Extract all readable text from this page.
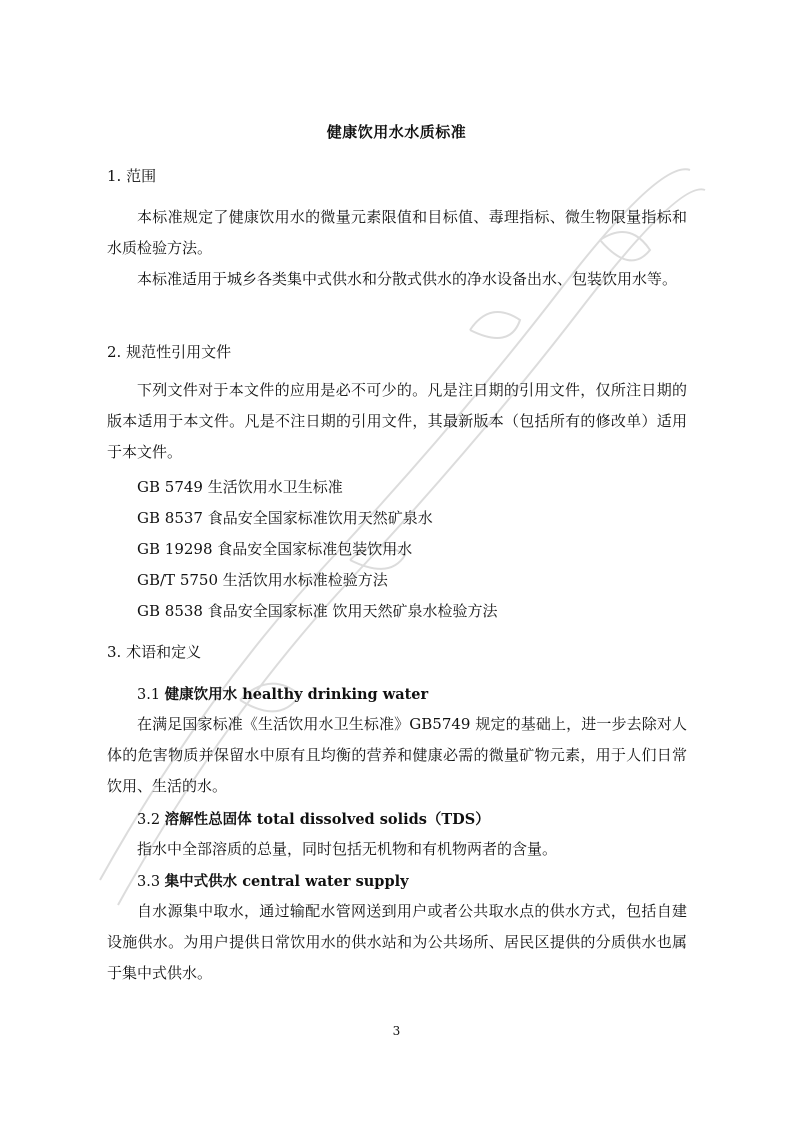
健康饮用水水质标准
1. 范围
本标准规定了健康饮用水的微量元素限值和目标值、毒理指标、微生物限量指标和水质检验方法。
本标准适用于城乡各类集中式供水和分散式供水的净水设备出水、包装饮用水等。
2. 规范性引用文件
下列文件对于本文件的应用是必不可少的。凡是注日期的引用文件，仅所注日期的版本适用于本文件。凡是不注日期的引用文件，其最新版本（包括所有的修改单）适用于本文件。
GB 5749 生活饮用水卫生标准
GB 8537 食品安全国家标准饮用天然矿泉水
GB 19298 食品安全国家标准包装饮用水
GB/T 5750 生活饮用水标准检验方法
GB 8538 食品安全国家标准 饮用天然矿泉水检验方法
3. 术语和定义
3.1 健康饮用水 healthy drinking water
在满足国家标准《生活饮用水卫生标准》GB5749 规定的基础上，进一步去除对人体的危害物质并保留水中原有且均衡的营养和健康必需的微量矿物元素，用于人们日常饮用、生活的水。
3.2 溶解性总固体 total dissolved solids（TDS）
指水中全部溶质的总量，同时包括无机物和有机物两者的含量。
3.3 集中式供水 central water supply
自水源集中取水，通过输配水管网送到用户或者公共取水点的供水方式，包括自建设施供水。为用户提供日常饮用水的供水站和为公共场所、居民区提供的分质供水也属于集中式供水。
3
